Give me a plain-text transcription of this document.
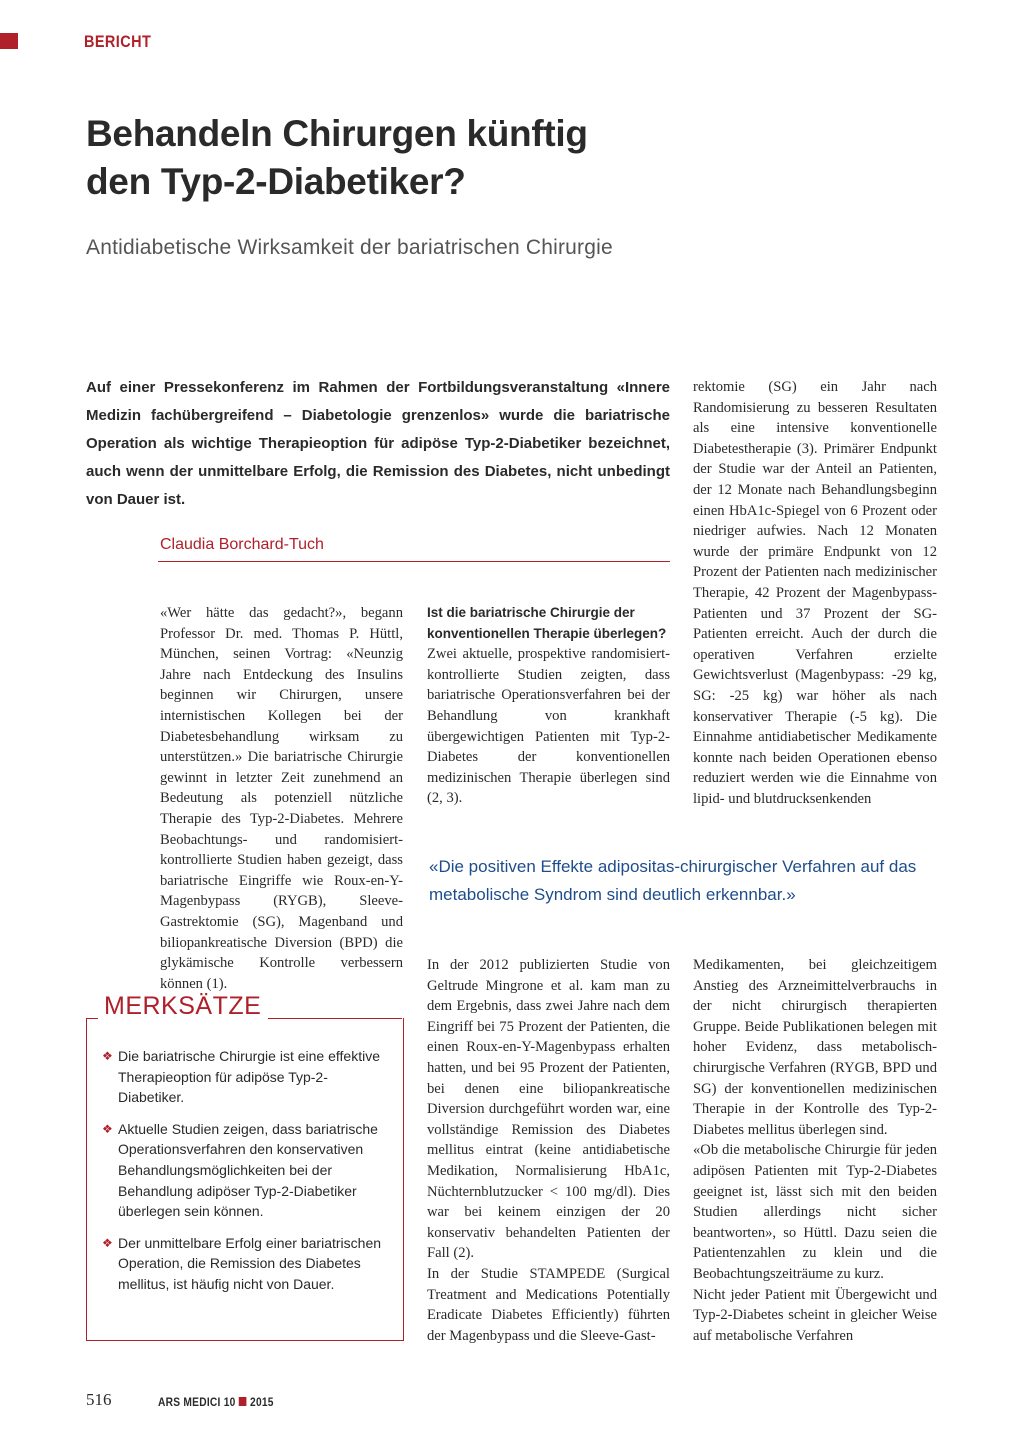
BERICHT
Behandeln Chirurgen künftig
den Typ-2-Diabetiker?
Antidiabetische Wirksamkeit der bariatrischen Chirurgie
Auf einer Pressekonferenz im Rahmen der Fortbildungsveranstaltung «Innere Medizin fachübergreifend – Diabetologie grenzenlos» wurde die bariatrische Operation als wichtige Therapieoption für adipöse Typ-2-Diabetiker bezeichnet, auch wenn der unmittelbare Erfolg, die Remission des Diabetes, nicht unbedingt von Dauer ist.
Claudia Borchard-Tuch
«Wer hätte das gedacht?», begann Professor Dr. med. Thomas P. Hüttl, München, seinen Vortrag: «Neunzig Jahre nach Entdeckung des Insulins beginnen wir Chirurgen, unsere internistischen Kollegen bei der Diabetesbehandlung wirksam zu unterstützen.» Die bariatrische Chirurgie gewinnt in letzter Zeit zunehmend an Bedeutung als potenziell nützliche Therapie des Typ-2-Diabetes. Mehrere Beobachtungs- und randomisiert-kontrollierte Studien haben gezeigt, dass bariatrische Eingriffe wie Roux-en-Y-Magenbypass (RYGB), Sleeve-Gastrektomie (SG), Magenband und biliopankreatische Diversion (BPD) die glykämische Kontrolle verbessern können (1).
Ist die bariatrische Chirurgie der konventionellen Therapie überlegen?
Zwei aktuelle, prospektive randomisiert-kontrollierte Studien zeigten, dass bariatrische Operationsverfahren bei der Behandlung von krankhaft übergewichtigen Patienten mit Typ-2-Diabetes der konventionellen medizinischen Therapie überlegen sind (2, 3).
rektomie (SG) ein Jahr nach Randomisierung zu besseren Resultaten als eine intensive konventionelle Diabetestherapie (3). Primärer Endpunkt der Studie war der Anteil an Patienten, der 12 Monate nach Behandlungsbeginn einen HbA1c-Spiegel von 6 Prozent oder niedriger aufwies. Nach 12 Monaten wurde der primäre Endpunkt von 12 Prozent der Patienten nach medizinischer Therapie, 42 Prozent der Magenbypass-Patienten und 37 Prozent der SG-Patienten erreicht. Auch der durch die operativen Verfahren erzielte Gewichtsverlust (Magenbypass: -29 kg, SG: -25 kg) war höher als nach konservativer Therapie (-5 kg). Die Einnahme antidiabetischer Medikamente konnte nach beiden Operationen ebenso reduziert werden wie die Einnahme von lipid- und blutdrucksenkenden
«Die positiven Effekte adipositas-chirurgischer Verfahren auf das metabolische Syndrom sind deutlich erkennbar.»

In der 2012 publizierten Studie von Geltrude Mingrone et al. kam man zu dem Ergebnis, dass zwei Jahre nach dem Eingriff bei 75 Prozent der Patienten, die einen Roux-en-Y-Magenbypass erhalten hatten, und bei 95 Prozent der Patienten, bei denen eine biliopankreatische Diversion durchgeführt worden war, eine vollständige Remission des Diabetes mellitus eintrat (keine antidiabetische Medikation, Normalisierung HbA1c, Nüchternblutzucker < 100 mg/dl). Dies war bei keinem einzigen der 20 konservativ behandelten Patienten der Fall (2).

In der Studie STAMPEDE (Surgical Treatment and Medications Potentially Eradicate Diabetes Efficiently) führten der Magenbypass und die Sleeve-Gast-

Medikamenten, bei gleichzeitigem Anstieg des Arzneimittelverbrauchs in der nicht chirurgisch therapierten Gruppe. Beide Publikationen belegen mit hoher Evidenz, dass metabolisch-chirurgische Verfahren (RYGB, BPD und SG) der konventionellen medizinischen Therapie in der Kontrolle des Typ-2-Diabetes mellitus überlegen sind.

«Ob die metabolische Chirurgie für jeden adipösen Patienten mit Typ-2-Diabetes geeignet ist, lässt sich mit den beiden Studien allerdings nicht sicher beantworten», so Hüttl. Dazu seien die Patientenzahlen zu klein und die Beobachtungszeiträume zu kurz.

Nicht jeder Patient mit Übergewicht und Typ-2-Diabetes scheint in gleicher Weise auf metabolische Verfahren

MERKSÄTZE
❖ Die bariatrische Chirurgie ist eine effektive Therapieoption für adipöse Typ-2-Diabetiker.
❖ Aktuelle Studien zeigen, dass bariatrische Operationsverfahren den konservativen Behandlungsmöglichkeiten bei der Behandlung adipöser Typ-2-Diabetiker überlegen sein können.
❖ Der unmittelbare Erfolg einer bariatrischen Operation, die Remission des Diabetes mellitus, ist häufig nicht von Dauer.
516	ARS MEDICI 10 2015
